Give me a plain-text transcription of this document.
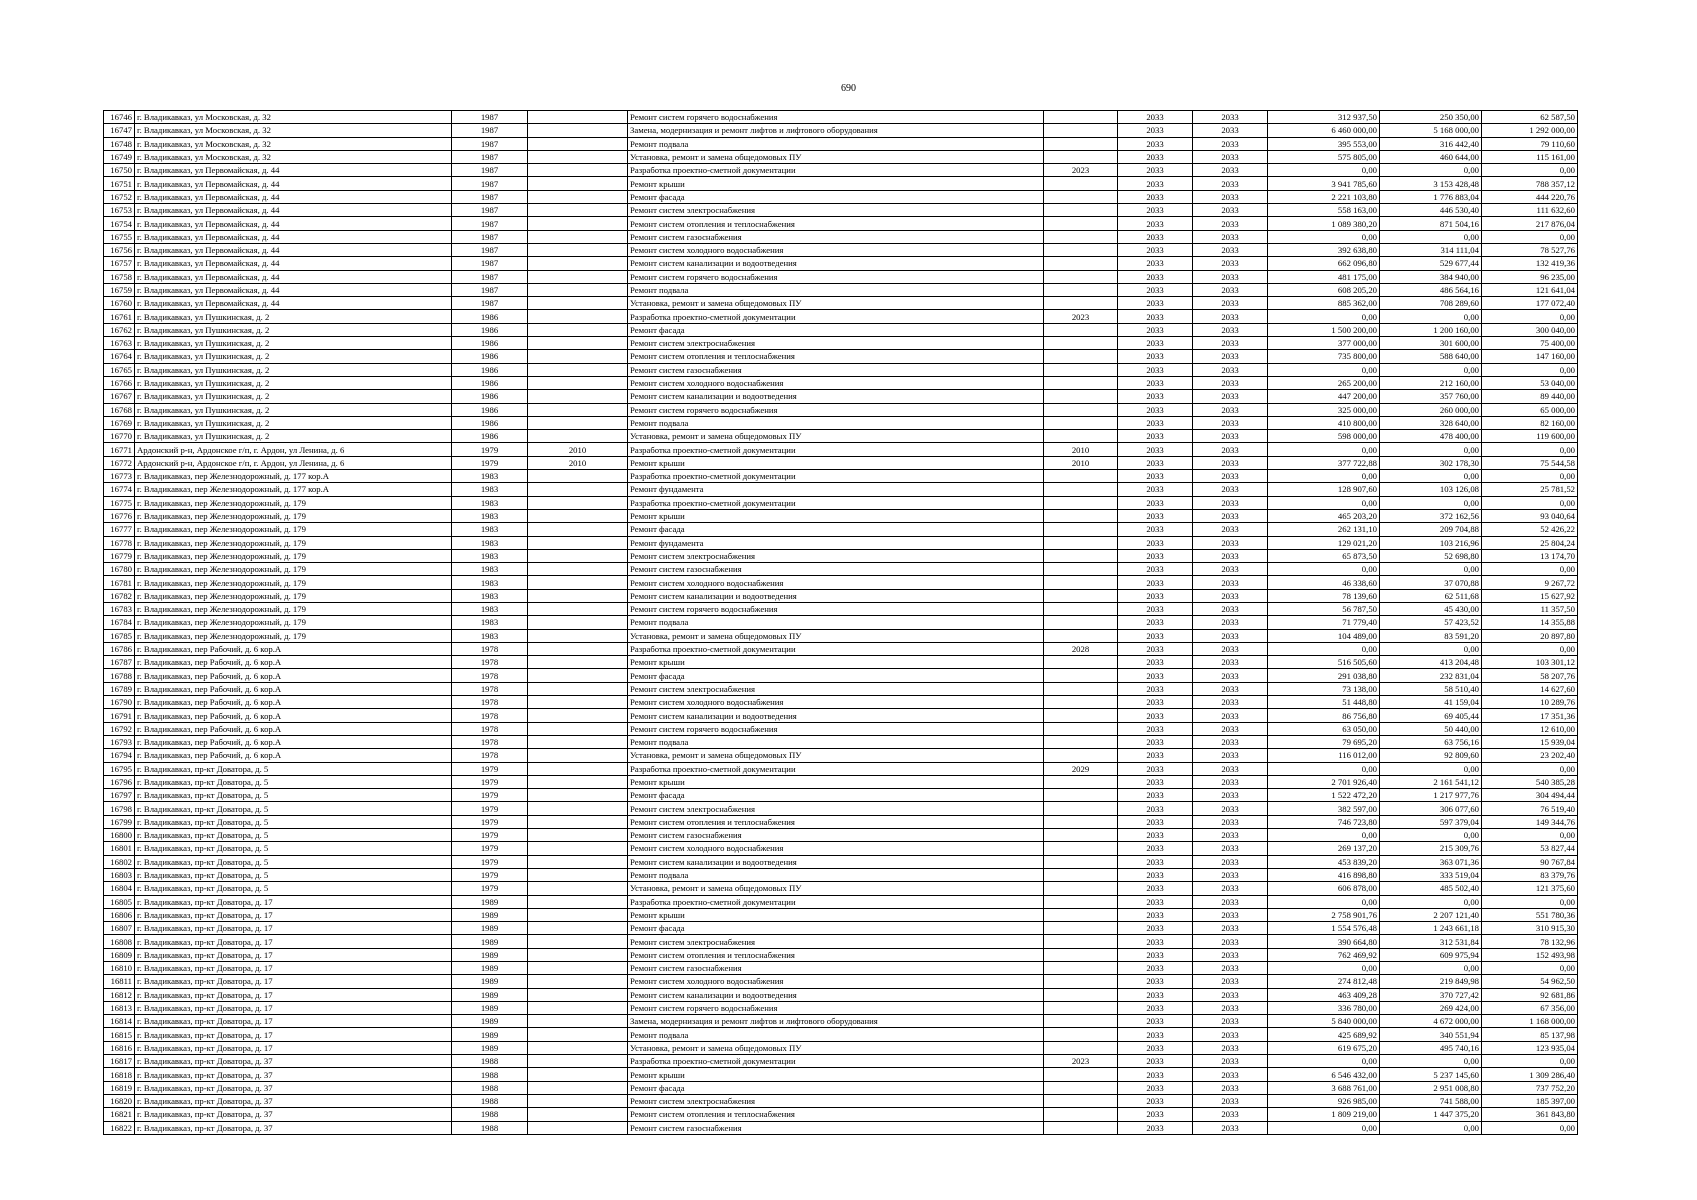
690
16746	г. Владикавказ, ул Московская, д. 32	1987		Ремонт систем горячего водоснабжения		2033	2033	312 937,50	250 350,00	62 587,50
16747	г. Владикавказ, ул Московская, д. 32	1987		Замена, модернизация и ремонт лифтов и лифтового оборудования		2033	2033	6 460 000,00	5 168 000,00	1 292 000,00
16748	г. Владикавказ, ул Московская, д. 32	1987		Ремонт подвала		2033	2033	395 553,00	316 442,40	79 110,60
16749	г. Владикавказ, ул Московская, д. 32	1987		Установка, ремонт и замена общедомовых ПУ		2033	2033	575 805,00	460 644,00	115 161,00
16750	г. Владикавказ, ул Первомайская, д. 44	1987		Разработка проектно-сметной документации	2023	2033	2033	0,00	0,00	0,00
16751	г. Владикавказ, ул Первомайская, д. 44	1987		Ремонт крыши		2033	2033	3 941 785,60	3 153 428,48	788 357,12
16752	г. Владикавказ, ул Первомайская, д. 44	1987		Ремонт фасада		2033	2033	2 221 103,80	1 776 883,04	444 220,76
16753	г. Владикавказ, ул Первомайская, д. 44	1987		Ремонт систем электроснабжения		2033	2033	558 163,00	446 530,40	111 632,60
16754	г. Владикавказ, ул Первомайская, д. 44	1987		Ремонт систем отопления и теплоснабжения		2033	2033	1 089 380,20	871 504,16	217 876,04
16755	г. Владикавказ, ул Первомайская, д. 44	1987		Ремонт систем газоснабжения		2033	2033	0,00	0,00	0,00
16756	г. Владикавказ, ул Первомайская, д. 44	1987		Ремонт систем холодного водоснабжения		2033	2033	392 638,80	314 111,04	78 527,76
16757	г. Владикавказ, ул Первомайская, д. 44	1987		Ремонт систем канализации и водоотведения		2033	2033	662 096,80	529 677,44	132 419,36
16758	г. Владикавказ, ул Первомайская, д. 44	1987		Ремонт систем горячего водоснабжения		2033	2033	481 175,00	384 940,00	96 235,00
16759	г. Владикавказ, ул Первомайская, д. 44	1987		Ремонт подвала		2033	2033	608 205,20	486 564,16	121 641,04
16760	г. Владикавказ, ул Первомайская, д. 44	1987		Установка, ремонт и замена общедомовых ПУ		2033	2033	885 362,00	708 289,60	177 072,40
16761	г. Владикавказ, ул Пушкинская, д. 2	1986		Разработка проектно-сметной документации	2023	2033	2033	0,00	0,00	0,00
16762	г. Владикавказ, ул Пушкинская, д. 2	1986		Ремонт фасада		2033	2033	1 500 200,00	1 200 160,00	300 040,00
16763	г. Владикавказ, ул Пушкинская, д. 2	1986		Ремонт систем электроснабжения		2033	2033	377 000,00	301 600,00	75 400,00
16764	г. Владикавказ, ул Пушкинская, д. 2	1986		Ремонт систем отопления и теплоснабжения		2033	2033	735 800,00	588 640,00	147 160,00
16765	г. Владикавказ, ул Пушкинская, д. 2	1986		Ремонт систем газоснабжения		2033	2033	0,00	0,00	0,00
16766	г. Владикавказ, ул Пушкинская, д. 2	1986		Ремонт систем холодного водоснабжения		2033	2033	265 200,00	212 160,00	53 040,00
16767	г. Владикавказ, ул Пушкинская, д. 2	1986		Ремонт систем канализации и водоотведения		2033	2033	447 200,00	357 760,00	89 440,00
16768	г. Владикавказ, ул Пушкинская, д. 2	1986		Ремонт систем горячего водоснабжения		2033	2033	325 000,00	260 000,00	65 000,00
16769	г. Владикавказ, ул Пушкинская, д. 2	1986		Ремонт подвала		2033	2033	410 800,00	328 640,00	82 160,00
16770	г. Владикавказ, ул Пушкинская, д. 2	1986		Установка, ремонт и замена общедомовых ПУ		2033	2033	598 000,00	478 400,00	119 600,00
16771	Ардонский р-н, Ардонское г/п, г. Ардон, ул Ленина, д. 6	1979	2010	Разработка проектно-сметной документации	2010	2033	2033	0,00	0,00	0,00
16772	Ардонский р-н, Ардонское г/п, г. Ардон, ул Ленина, д. 6	1979	2010	Ремонт крыши	2010	2033	2033	377 722,88	302 178,30	75 544,58
16773	г. Владикавказ, пер Железнодорожный, д. 177 кор.А	1983		Разработка проектно-сметной документации		2033	2033	0,00	0,00	0,00
16774	г. Владикавказ, пер Железнодорожный, д. 177 кор.А	1983		Ремонт фундамента		2033	2033	128 907,60	103 126,08	25 781,52
16775	г. Владикавказ, пер Железнодорожный, д. 179	1983		Разработка проектно-сметной документации		2033	2033	0,00	0,00	0,00
16776	г. Владикавказ, пер Железнодорожный, д. 179	1983		Ремонт крыши		2033	2033	465 203,20	372 162,56	93 040,64
16777	г. Владикавказ, пер Железнодорожный, д. 179	1983		Ремонт фасада		2033	2033	262 131,10	209 704,88	52 426,22
16778	г. Владикавказ, пер Железнодорожный, д. 179	1983		Ремонт фундамента		2033	2033	129 021,20	103 216,96	25 804,24
16779	г. Владикавказ, пер Железнодорожный, д. 179	1983		Ремонт систем электроснабжения		2033	2033	65 873,50	52 698,80	13 174,70
16780	г. Владикавказ, пер Железнодорожный, д. 179	1983		Ремонт систем газоснабжения		2033	2033	0,00	0,00	0,00
16781	г. Владикавказ, пер Железнодорожный, д. 179	1983		Ремонт систем холодного водоснабжения		2033	2033	46 338,60	37 070,88	9 267,72
16782	г. Владикавказ, пер Железнодорожный, д. 179	1983		Ремонт систем канализации и водоотведения		2033	2033	78 139,60	62 511,68	15 627,92
16783	г. Владикавказ, пер Железнодорожный, д. 179	1983		Ремонт систем горячего водоснабжения		2033	2033	56 787,50	45 430,00	11 357,50
16784	г. Владикавказ, пер Железнодорожный, д. 179	1983		Ремонт подвала		2033	2033	71 779,40	57 423,52	14 355,88
16785	г. Владикавказ, пер Железнодорожный, д. 179	1983		Установка, ремонт и замена общедомовых ПУ		2033	2033	104 489,00	83 591,20	20 897,80
16786	г. Владикавказ, пер Рабочий, д. 6 кор.А	1978		Разработка проектно-сметной документации	2028	2033	2033	0,00	0,00	0,00
16787	г. Владикавказ, пер Рабочий, д. 6 кор.А	1978		Ремонт крыши		2033	2033	516 505,60	413 204,48	103 301,12
16788	г. Владикавказ, пер Рабочий, д. 6 кор.А	1978		Ремонт фасада		2033	2033	291 038,80	232 831,04	58 207,76
16789	г. Владикавказ, пер Рабочий, д. 6 кор.А	1978		Ремонт систем электроснабжения		2033	2033	73 138,00	58 510,40	14 627,60
16790	г. Владикавказ, пер Рабочий, д. 6 кор.А	1978		Ремонт систем холодного водоснабжения		2033	2033	51 448,80	41 159,04	10 289,76
16791	г. Владикавказ, пер Рабочий, д. 6 кор.А	1978		Ремонт систем канализации и водоотведения		2033	2033	86 756,80	69 405,44	17 351,36
16792	г. Владикавказ, пер Рабочий, д. 6 кор.А	1978		Ремонт систем горячего водоснабжения		2033	2033	63 050,00	50 440,00	12 610,00
16793	г. Владикавказ, пер Рабочий, д. 6 кор.А	1978		Ремонт подвала		2033	2033	79 695,20	63 756,16	15 939,04
16794	г. Владикавказ, пер Рабочий, д. 6 кор.А	1978		Установка, ремонт и замена общедомовых ПУ		2033	2033	116 012,00	92 809,60	23 202,40
16795	г. Владикавказ, пр-кт Доватора, д. 5	1979		Разработка проектно-сметной документации	2029	2033	2033	0,00	0,00	0,00
16796	г. Владикавказ, пр-кт Доватора, д. 5	1979		Ремонт крыши		2033	2033	2 701 926,40	2 161 541,12	540 385,28
16797	г. Владикавказ, пр-кт Доватора, д. 5	1979		Ремонт фасада		2033	2033	1 522 472,20	1 217 977,76	304 494,44
16798	г. Владикавказ, пр-кт Доватора, д. 5	1979		Ремонт систем электроснабжения		2033	2033	382 597,00	306 077,60	76 519,40
16799	г. Владикавказ, пр-кт Доватора, д. 5	1979		Ремонт систем отопления и теплоснабжения		2033	2033	746 723,80	597 379,04	149 344,76
16800	г. Владикавказ, пр-кт Доватора, д. 5	1979		Ремонт систем газоснабжения		2033	2033	0,00	0,00	0,00
16801	г. Владикавказ, пр-кт Доватора, д. 5	1979		Ремонт систем холодного водоснабжения		2033	2033	269 137,20	215 309,76	53 827,44
16802	г. Владикавказ, пр-кт Доватора, д. 5	1979		Ремонт систем канализации и водоотведения		2033	2033	453 839,20	363 071,36	90 767,84
16803	г. Владикавказ, пр-кт Доватора, д. 5	1979		Ремонт подвала		2033	2033	416 898,80	333 519,04	83 379,76
16804	г. Владикавказ, пр-кт Доватора, д. 5	1979		Установка, ремонт и замена общедомовых ПУ		2033	2033	606 878,00	485 502,40	121 375,60
16805	г. Владикавказ, пр-кт Доватора, д. 17	1989		Разработка проектно-сметной документации		2033	2033	0,00	0,00	0,00
16806	г. Владикавказ, пр-кт Доватора, д. 17	1989		Ремонт крыши		2033	2033	2 758 901,76	2 207 121,40	551 780,36
16807	г. Владикавказ, пр-кт Доватора, д. 17	1989		Ремонт фасада		2033	2033	1 554 576,48	1 243 661,18	310 915,30
16808	г. Владикавказ, пр-кт Доватора, д. 17	1989		Ремонт систем электроснабжения		2033	2033	390 664,80	312 531,84	78 132,96
16809	г. Владикавказ, пр-кт Доватора, д. 17	1989		Ремонт систем отопления и теплоснабжения		2033	2033	762 469,92	609 975,94	152 493,98
16810	г. Владикавказ, пр-кт Доватора, д. 17	1989		Ремонт систем газоснабжения		2033	2033	0,00	0,00	0,00
16811	г. Владикавказ, пр-кт Доватора, д. 17	1989		Ремонт систем холодного водоснабжения		2033	2033	274 812,48	219 849,98	54 962,50
16812	г. Владикавказ, пр-кт Доватора, д. 17	1989		Ремонт систем канализации и водоотведения		2033	2033	463 409,28	370 727,42	92 681,86
16813	г. Владикавказ, пр-кт Доватора, д. 17	1989		Ремонт систем горячего водоснабжения		2033	2033	336 780,00	269 424,00	67 356,00
16814	г. Владикавказ, пр-кт Доватора, д. 17	1989		Замена, модернизация и ремонт лифтов и лифтового оборудования		2033	2033	5 840 000,00	4 672 000,00	1 168 000,00
16815	г. Владикавказ, пр-кт Доватора, д. 17	1989		Ремонт подвала		2033	2033	425 689,92	340 551,94	85 137,98
16816	г. Владикавказ, пр-кт Доватора, д. 17	1989		Установка, ремонт и замена общедомовых ПУ		2033	2033	619 675,20	495 740,16	123 935,04
16817	г. Владикавказ, пр-кт Доватора, д. 37	1988		Разработка проектно-сметной документации	2023	2033	2033	0,00	0,00	0,00
16818	г. Владикавказ, пр-кт Доватора, д. 37	1988		Ремонт крыши		2033	2033	6 546 432,00	5 237 145,60	1 309 286,40
16819	г. Владикавказ, пр-кт Доватора, д. 37	1988		Ремонт фасада		2033	2033	3 688 761,00	2 951 008,80	737 752,20
16820	г. Владикавказ, пр-кт Доватора, д. 37	1988		Ремонт систем электроснабжения		2033	2033	926 985,00	741 588,00	185 397,00
16821	г. Владикавказ, пр-кт Доватора, д. 37	1988		Ремонт систем отопления и теплоснабжения		2033	2033	1 809 219,00	1 447 375,20	361 843,80
16822	г. Владикавказ, пр-кт Доватора, д. 37	1988		Ремонт систем газоснабжения		2033	2033	0,00	0,00	0,00
